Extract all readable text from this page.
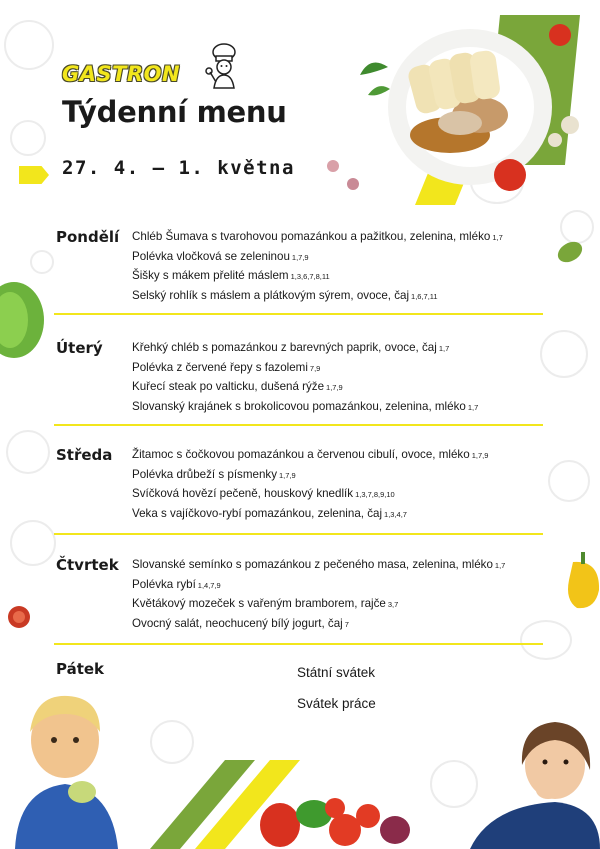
GASTRON
Týdenní menu
27. 4. – 1. května
Pondělí Chléb Šumava s tvarohovou pomazánkou a pažitkou, zelenina, mléko 1,7
Polévka vločková se zeleninou 1,7,9
Šišky s mákem přelité máslem 1,3,6,7,8,11
Selský rohlík s máslem a plátkovým sýrem, ovoce, čaj 1,6,7,11
Úterý	Křehký chléb s pomazánkou z barevných paprik, ovoce, čaj 1,7
Polévka z červené řepy s fazolemi 7,9
Kuřecí steak po valticku, dušená rýže 1,7,9
Slovanský krajánek s brokolicovou pomazánkou, zelenina, mléko 1,7
Středa Žitamoc s čočkovou pomazánkou a červenou cibulí, ovoce, mléko 1,7,9
Polévka drůbeží s písmenky 1,7,9
Svíčková hovězí pečeně, houskový knedlík 1,3,7,8,9,10
Veka s vajíčkovo-rybí pomazánkou, zelenina, čaj 1,3,4,7
Čtvrtek Slovanské semínko s pomazánkou z pečeného masa, zelenina, mléko 1,7
Polévka rybí 1,4,7,9
Květákový mozeček s vařeným bramborem, rajče 3,7
Ovocný salát, neochucený bílý jogurt, čaj 7
Pátek	Státní svátek
Svátek práce
